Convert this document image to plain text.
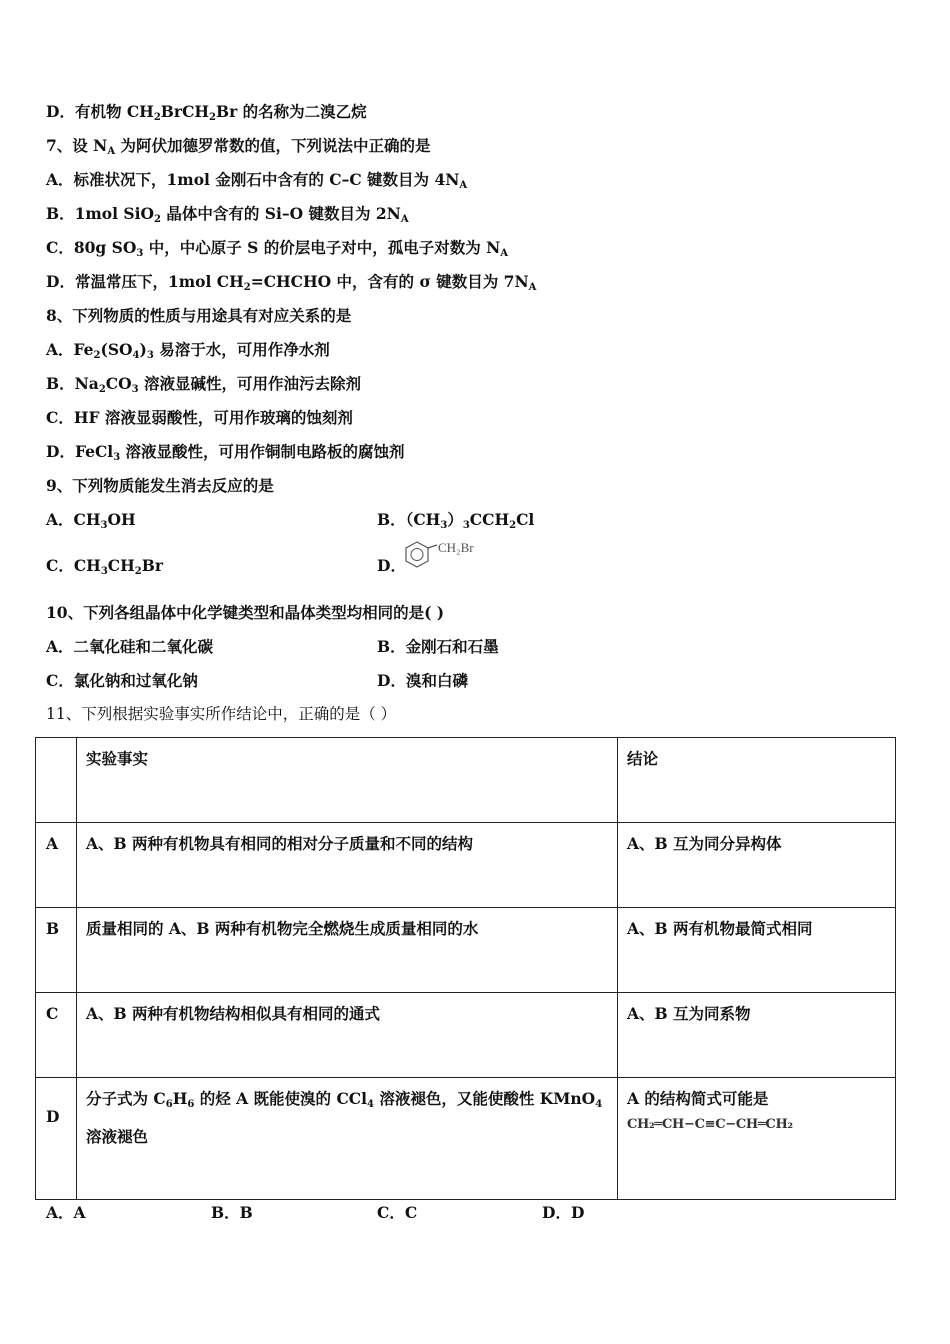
D．有机物 $CH_2BrCH_2Br$ 的名称为二溴乙烷
7、设 $N_A$ 为阿伏加德罗常数的值，下列说法中正确的是
A．标准状况下，1mol 金刚石中含有的 C–C 键数目为 $4N_A$
B．1mol SiO$_2$ 晶体中含有的 Si–O 键数目为 $2N_A$
C．80g $SO_3$ 中，中心原子 S 的价层电子对中，孤电子对数为 $N_A$
D．常温常压下，1mol $CH_2=CHCHO$ 中，含有的 σ 键数目为 $7N_A$
8、下列物质的性质与用途具有对应关系的是
A．$Fe_2(SO_4)_3$ 易溶于水，可用作净水剂
B．$Na_2CO_3$ 溶液显碱性，可用作油污去除剂
C．HF 溶液显弱酸性，可用作玻璃的蚀刻剂
D．FeCl$_3$ 溶液显酸性，可用作铜制电路板的腐蚀剂
9、下列物质能发生消去反应的是
A．$CH_3OH$	B．$(CH_3)_3CCH_2Cl$
C．$CH_3CH_2Br$	D．
CH₂Br
10、下列各组晶体中化学键类型和晶体类型均相同的是( )
A．二氧化硅和二氧化碳	B．金刚石和石墨
C．氯化钠和过氧化钠	D．溴和白磷
11、下列根据实验事实所作结论中，正确的是（ ）
	实验事实	结论
A	A、B 两种有机物具有相同的相对分子质量和不同的结构	A、B 互为同分异构体
B	质量相同的 A、B 两种有机物完全燃烧生成质量相同的水	A、B 两有机物最简式相同
C	A、B 两种有机物结构相似具有相同的通式	A、B 互为同系物
D	分子式为 $C_6H_6$ 的烃 A 既能使溴的 CCl$_4$ 溶液褪色，又能使酸性 KMnO$_4$
溶液褪色	A 的结构简式可能是
CH₂═CH−C≡C−CH═CH₂
A．A	B．B	C．C	D．D
